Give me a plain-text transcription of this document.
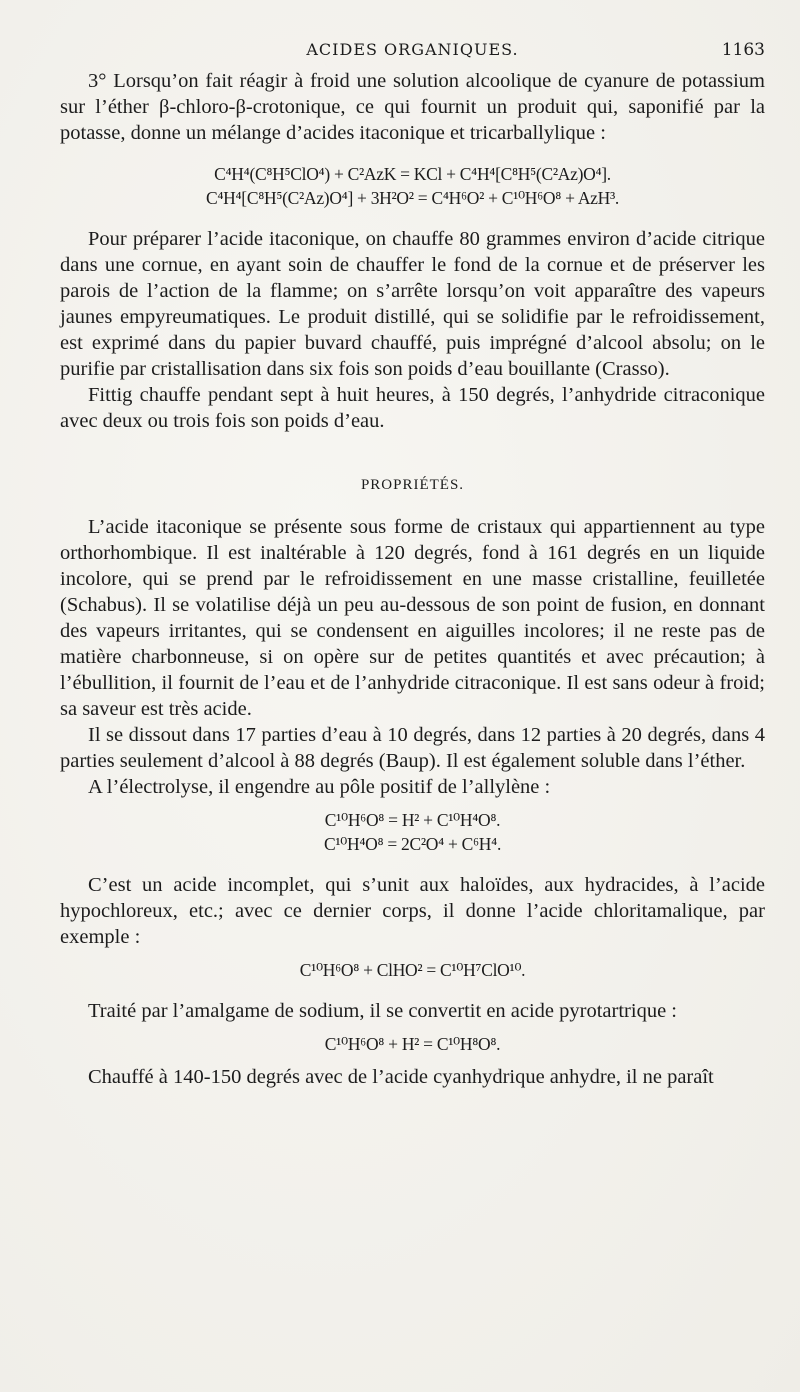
ACIDES ORGANIQUES.	1163

3° Lorsqu’on fait réagir à froid une solution alcoolique de cyanure de potassium sur l’éther β-chloro-β-crotonique, ce qui fournit un produit qui, saponifié par la potasse, donne un mélange d’acides itaconique et tricarballylique :

C⁴H⁴(C⁸H⁵ClO⁴) + C²AzK = KCl + C⁴H⁴[C⁸H⁵(C²Az)O⁴].
C⁴H⁴[C⁸H⁵(C²Az)O⁴] + 3H²O² = C⁴H⁶O² + C¹⁰H⁶O⁸ + AzH³.

Pour préparer l’acide itaconique, on chauffe 80 grammes environ d’acide citrique dans une cornue, en ayant soin de chauffer le fond de la cornue et de préserver les parois de l’action de la flamme; on s’arrête lorsqu’on voit apparaître des vapeurs jaunes empyreumatiques. Le produit distillé, qui se solidifie par le refroidissement, est exprimé dans du papier buvard chauffé, puis imprégné d’alcool absolu; on le purifie par cristallisation dans six fois son poids d’eau bouillante (Crasso).

Fittig chauffe pendant sept à huit heures, à 150 degrés, l’anhydride citraconique avec deux ou trois fois son poids d’eau.

PROPRIÉTÉS.

L’acide itaconique se présente sous forme de cristaux qui appartiennent au type orthorhombique. Il est inaltérable à 120 degrés, fond à 161 degrés en un liquide incolore, qui se prend par le refroidissement en une masse cristalline, feuilletée (Schabus). Il se volatilise déjà un peu au-dessous de son point de fusion, en donnant des vapeurs irritantes, qui se condensent en aiguilles incolores; il ne reste pas de matière charbonneuse, si on opère sur de petites quantités et avec précaution; à l’ébullition, il fournit de l’eau et de l’anhydride citraconique. Il est sans odeur à froid; sa saveur est très acide.

Il se dissout dans 17 parties d’eau à 10 degrés, dans 12 parties à 20 degrés, dans 4 parties seulement d’alcool à 88 degrés (Baup). Il est également soluble dans l’éther.

A l’électrolyse, il engendre au pôle positif de l’allylène :

C¹⁰H⁶O⁸ = H² + C¹⁰H⁴O⁸.
C¹⁰H⁴O⁸ = 2C²O⁴ + C⁶H⁴.

C’est un acide incomplet, qui s’unit aux haloïdes, aux hydracides, à l’acide hypochloreux, etc.; avec ce dernier corps, il donne l’acide chloritamalique, par exemple :

C¹⁰H⁶O⁸ + ClHO² = C¹⁰H⁷ClO¹⁰.

Traité par l’amalgame de sodium, il se convertit en acide pyrotartrique :

C¹⁰H⁶O⁸ + H² = C¹⁰H⁸O⁸.

Chauffé à 140-150 degrés avec de l’acide cyanhydrique anhydre, il ne paraît
